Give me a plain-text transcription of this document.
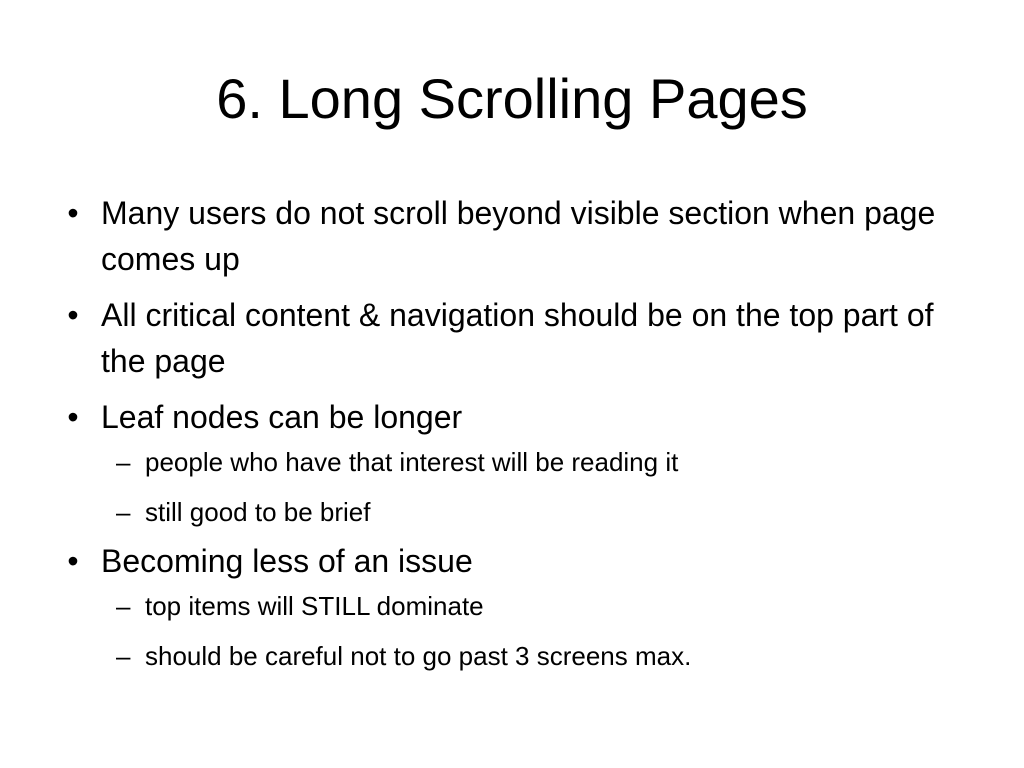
6. Long Scrolling Pages
• Many users do not scroll beyond visible section when page comes up
• All critical content & navigation should be on the top part of the page
• Leaf nodes can be longer
– people who have that interest will be reading it
– still good to be brief
• Becoming less of an issue
– top items will STILL dominate
– should be careful not to go past 3 screens max.
